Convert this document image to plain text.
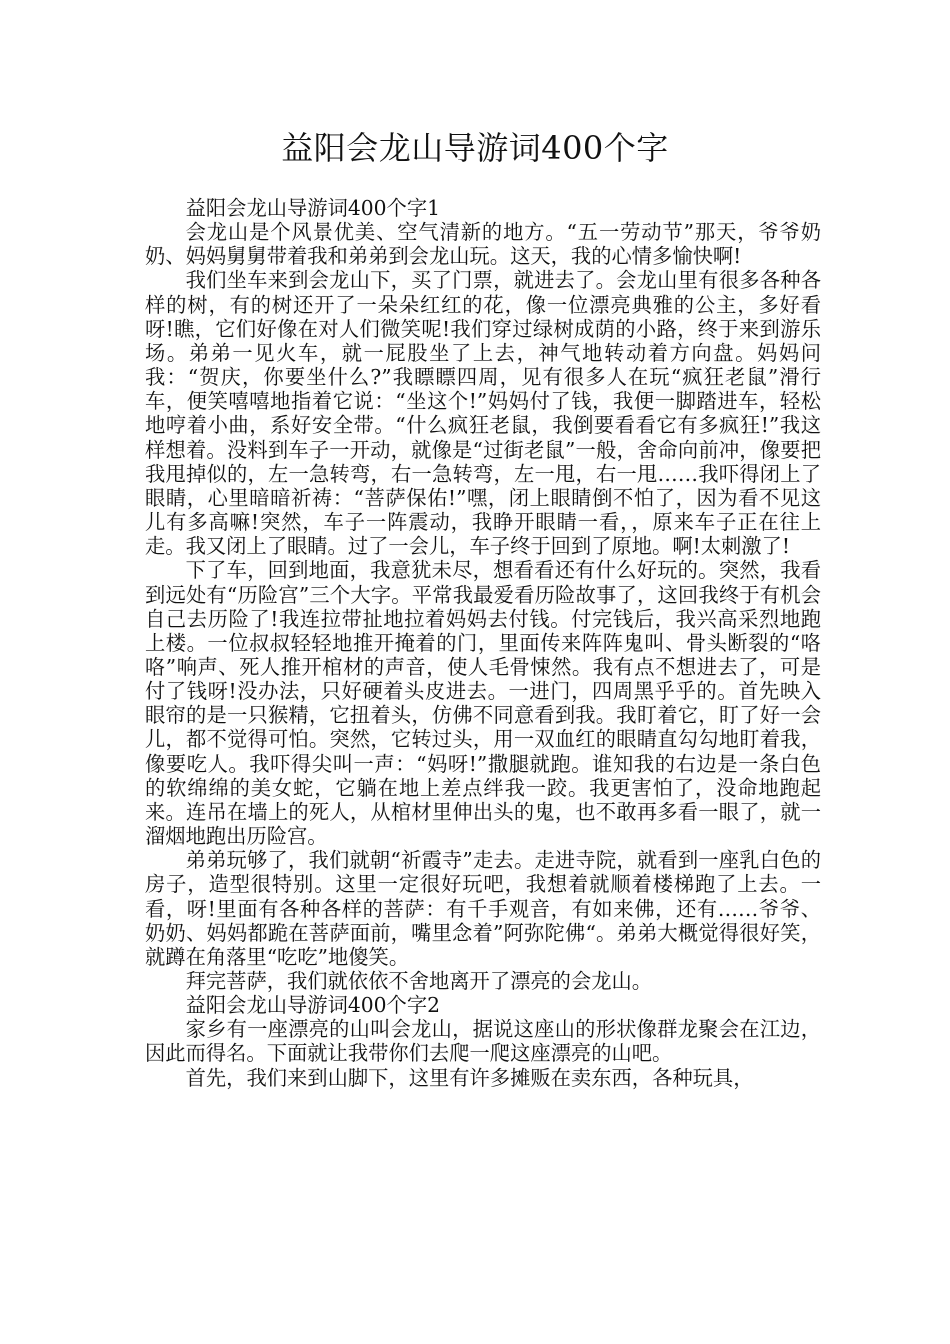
益阳会龙山导游词400个字

益阳会龙山导游词400个字1

会龙山是个风景优美、空气清新的地方。“五一劳动节”那天，爷爷奶奶、妈妈舅舅带着我和弟弟到会龙山玩。这天，我的心情多愉快啊!

我们坐车来到会龙山下，买了门票，就进去了。会龙山里有很多各种各样的树，有的树还开了一朵朵红红的花，像一位漂亮典雅的公主，多好看呀!瞧，它们好像在对人们微笑呢!我们穿过绿树成荫的小路，终于来到游乐场。弟弟一见火车，就一屁股坐了上去，神气地转动着方向盘。妈妈问我：“贺庆，你要坐什么?”我瞟瞟四周，见有很多人在玩“疯狂老鼠”滑行车，便笑嘻嘻地指着它说：“坐这个!”妈妈付了钱，我便一脚踏进车，轻松地哼着小曲，系好安全带。“什么疯狂老鼠，我倒要看看它有多疯狂!”我这样想着。没料到车子一开动，就像是“过街老鼠”一般，舍命向前冲，像要把我甩掉似的，左一急转弯，右一急转弯，左一甩，右一甩……我吓得闭上了眼睛，心里暗暗祈祷：“菩萨保佑!”嘿，闭上眼睛倒不怕了，因为看不见这儿有多高嘛!突然，车子一阵震动，我睁开眼睛一看，，原来车子正在往上走。我又闭上了眼睛。过了一会儿，车子终于回到了原地。啊!太刺激了!

下了车，回到地面，我意犹未尽，想看看还有什么好玩的。突然，我看到远处有“历险宫”三个大字。平常我最爱看历险故事了，这回我终于有机会自己去历险了!我连拉带扯地拉着妈妈去付钱。付完钱后，我兴高采烈地跑上楼。一位叔叔轻轻地推开掩着的门，里面传来阵阵鬼叫、骨头断裂的“咯咯”响声、死人推开棺材的声音，使人毛骨悚然。我有点不想进去了，可是付了钱呀!没办法，只好硬着头皮进去。一进门，四周黑乎乎的。首先映入眼帘的是一只猴精，它扭着头，仿佛不同意看到我。我盯着它，盯了好一会儿，都不觉得可怕。突然，它转过头，用一双血红的眼睛直勾勾地盯着我，像要吃人。我吓得尖叫一声：“妈呀!”撒腿就跑。谁知我的右边是一条白色的软绵绵的美女蛇，它躺在地上差点绊我一跤。我更害怕了，没命地跑起来。连吊在墙上的死人，从棺材里伸出头的鬼，也不敢再多看一眼了，就一溜烟地跑出历险宫。

弟弟玩够了，我们就朝“祈霞寺”走去。走进寺院，就看到一座乳白色的房子，造型很特别。这里一定很好玩吧，我想着就顺着楼梯跑了上去。一看，呀!里面有各种各样的菩萨：有千手观音，有如来佛，还有……爷爷、奶奶、妈妈都跪在菩萨面前，嘴里念着”阿弥陀佛“。弟弟大概觉得很好笑，就蹲在角落里“吃吃”地傻笑。

拜完菩萨，我们就依依不舍地离开了漂亮的会龙山。

益阳会龙山导游词400个字2

家乡有一座漂亮的山叫会龙山，据说这座山的形状像群龙聚会在江边，因此而得名。下面就让我带你们去爬一爬这座漂亮的山吧。

首先，我们来到山脚下，这里有许多摊贩在卖东西，各种玩具，
